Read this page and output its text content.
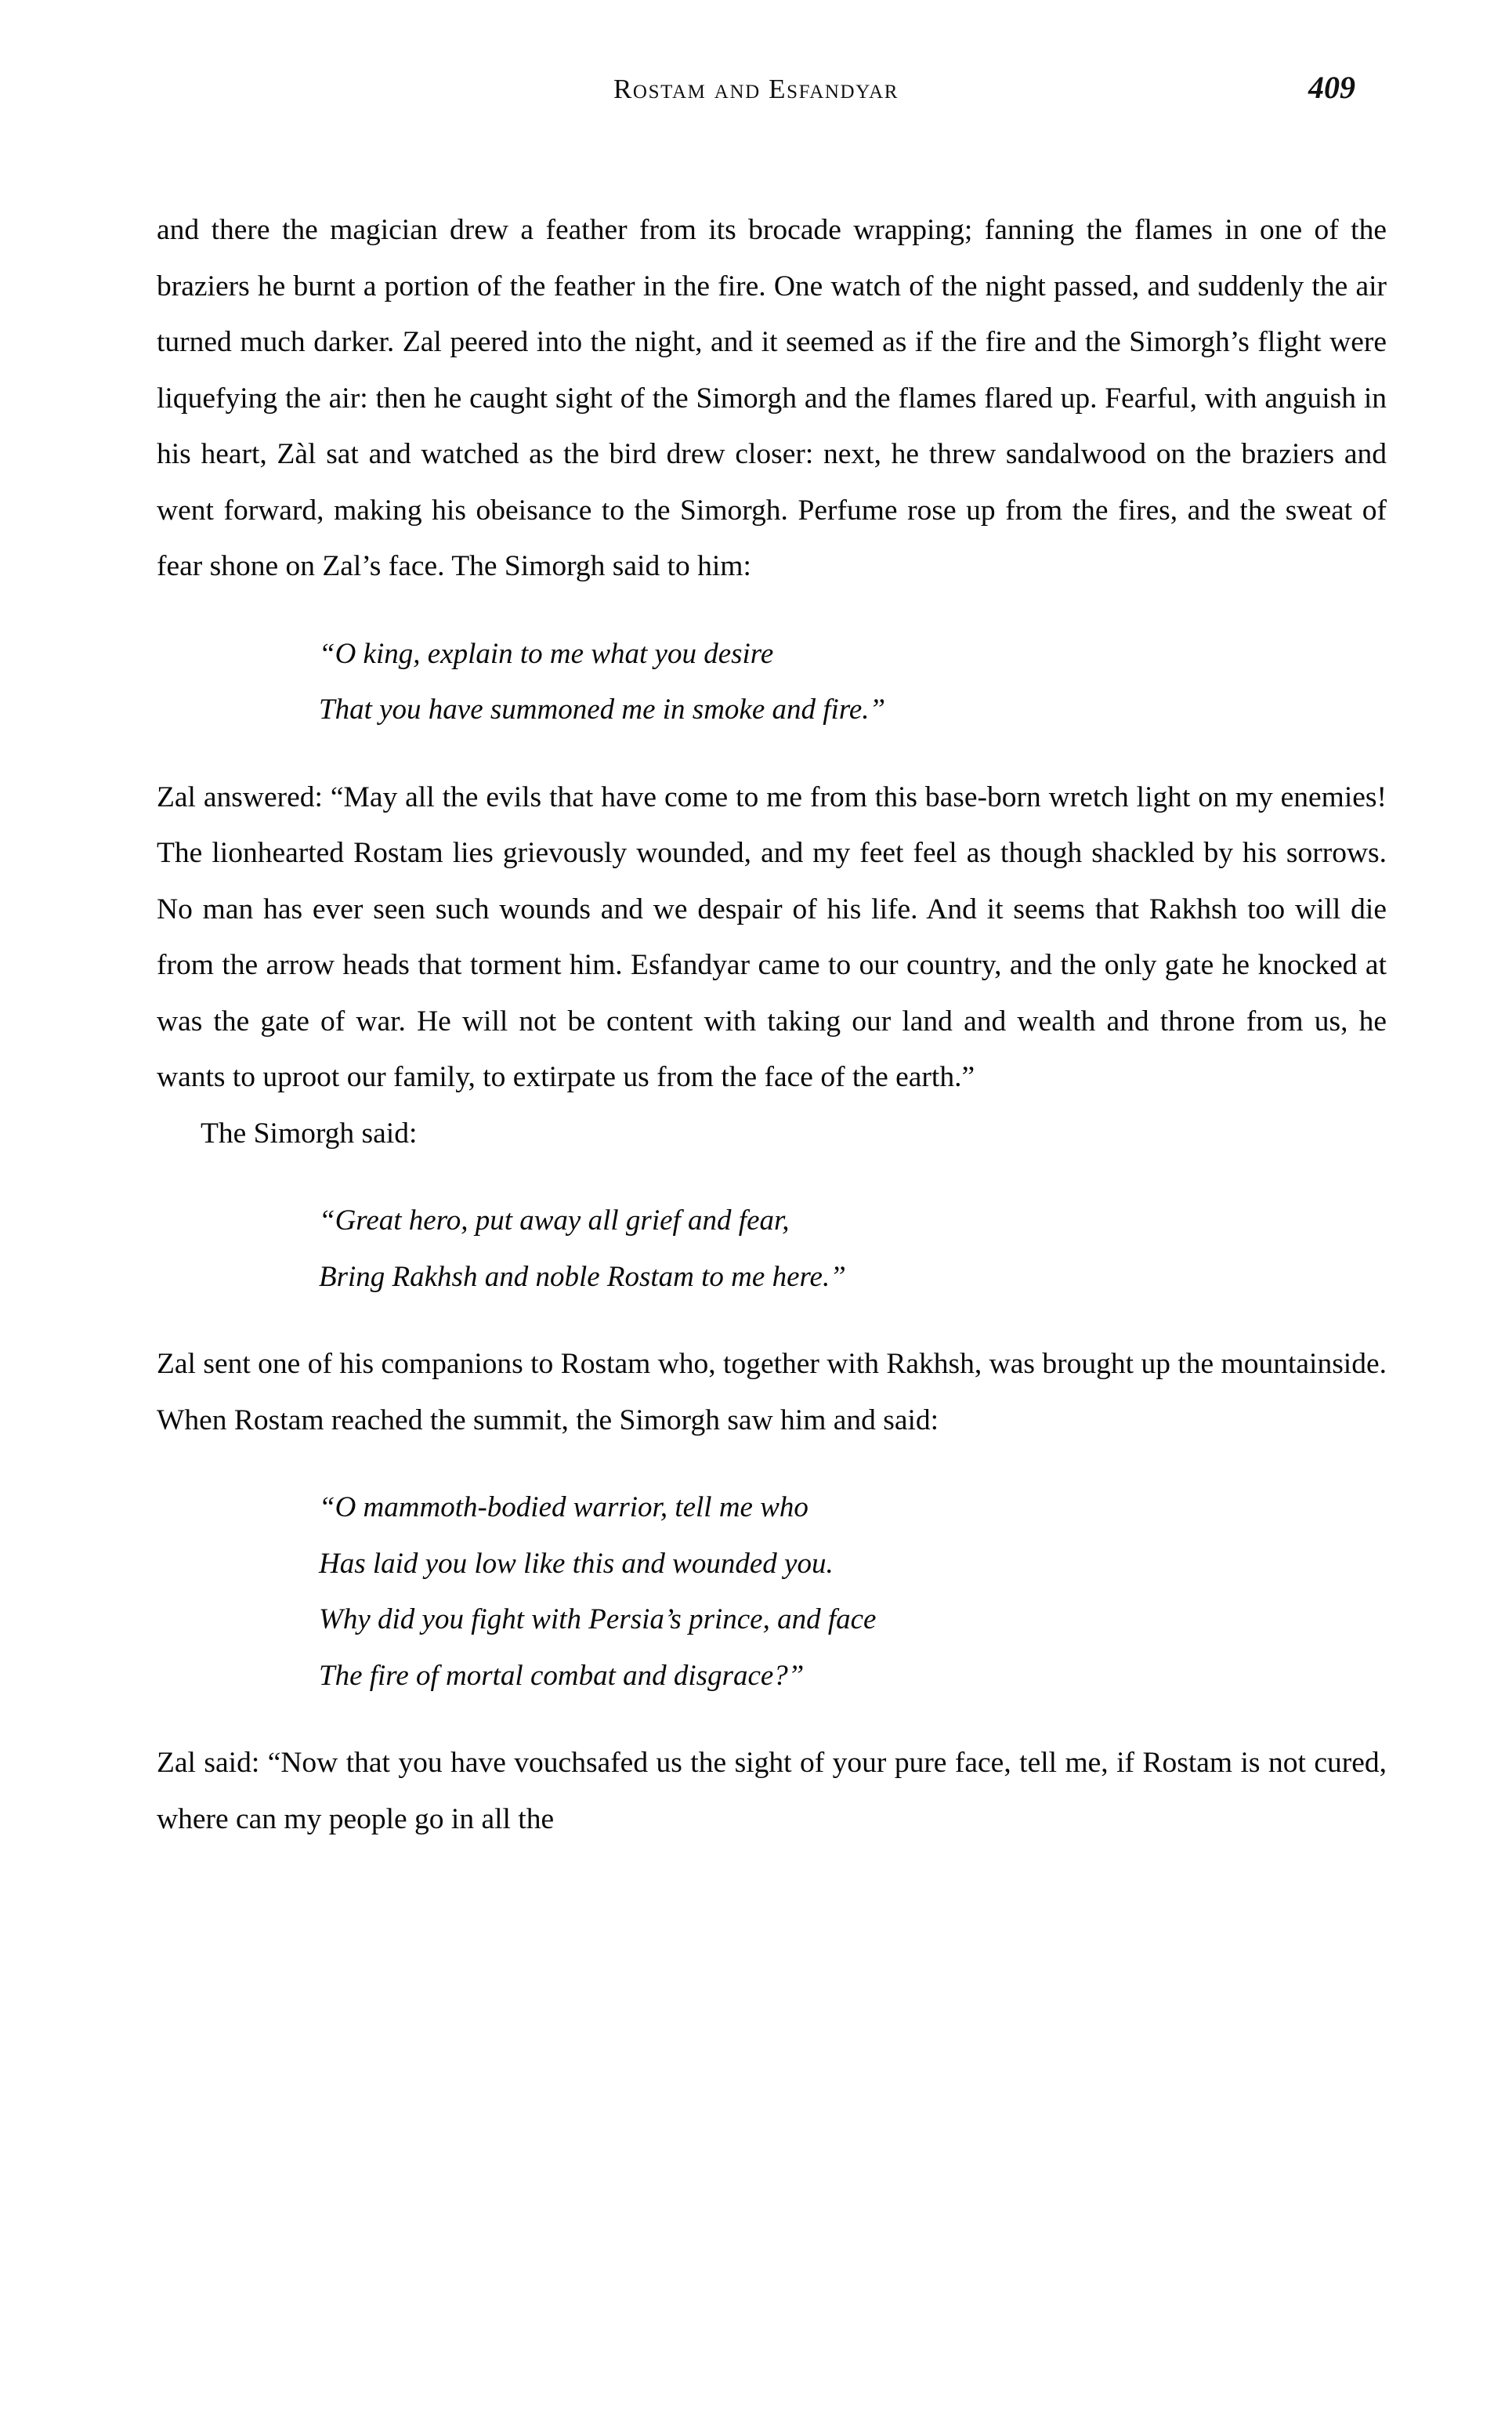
Rostam and Esfandyar	409

and there the magician drew a feather from its brocade wrapping; fanning the flames in one of the braziers he burnt a portion of the feather in the fire. One watch of the night passed, and suddenly the air turned much darker. Zal peered into the night, and it seemed as if the fire and the Simorgh’s flight were liquefying the air: then he caught sight of the Simorgh and the flames flared up. Fearful, with anguish in his heart, Zàl sat and watched as the bird drew closer: next, he threw sandalwood on the braziers and went forward, making his obeisance to the Simorgh. Perfume rose up from the fires, and the sweat of fear shone on Zal’s face. The Simorgh said to him:

“O king, explain to me what you desire
That you have summoned me in smoke and fire.”

Zal answered: “May all the evils that have come to me from this base-born wretch light on my enemies! The lionhearted Rostam lies grievously wounded, and my feet feel as though shackled by his sorrows. No man has ever seen such wounds and we despair of his life. And it seems that Rakhsh too will die from the arrow heads that torment him. Esfandyar came to our country, and the only gate he knocked at was the gate of war. He will not be content with taking our land and wealth and throne from us, he wants to uproot our family, to extirpate us from the face of the earth.”

The Simorgh said:

“Great hero, put away all grief and fear,
Bring Rakhsh and noble Rostam to me here.”

Zal sent one of his companions to Rostam who, together with Rakhsh, was brought up the mountainside. When Rostam reached the summit, the Simorgh saw him and said:

“O mammoth-bodied warrior, tell me who
Has laid you low like this and wounded you.
Why did you fight with Persia’s prince, and face
The fire of mortal combat and disgrace?”

Zal said: “Now that you have vouchsafed us the sight of your pure face, tell me, if Rostam is not cured, where can my people go in all the
